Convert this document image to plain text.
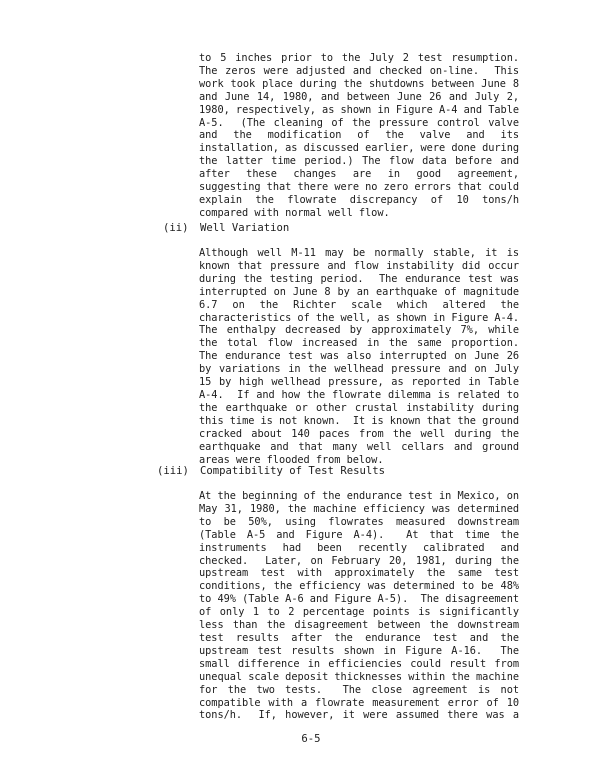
to 5 inches prior to the July 2 test resumption.
The zeros were adjusted and checked on-line.  This
work took place during the shutdowns between June 8
and June 14, 1980, and between June 26 and July 2,
1980, respectively, as shown in Figure A-4 and Table
A-5.  (The cleaning of the pressure control valve
and the modification of the valve and its
installation, as discussed earlier, were done during
the latter time period.) The flow data before and
after these changes are in good agreement,
suggesting that there were no zero errors that could
explain the flowrate discrepancy of 10 tons/h
compared with normal well flow.
(ii) Well Variation
Although well M-11 may be normally stable, it is
known that pressure and flow instability did occur
during the testing period.  The endurance test was
interrupted on June 8 by an earthquake of magnitude
6.7 on the Richter scale which altered the
characteristics of the well, as shown in Figure A-4.
The enthalpy decreased by approximately 7%, while
the total flow increased in the same proportion.
The endurance test was also interrupted on June 26
by variations in the wellhead pressure and on July
15 by high wellhead pressure, as reported in Table
A-4.  If and how the flowrate dilemma is related to
the earthquake or other crustal instability during
this time is not known.  It is known that the ground
cracked about 140 paces from the well during the
earthquake and that many well cellars and ground
areas were flooded from below.
(iii) Compatibility of Test Results
At the beginning of the endurance test in Mexico, on
May 31, 1980, the machine efficiency was determined
to be 50%, using flowrates measured downstream
(Table A-5 and Figure A-4).  At that time the
instruments had been recently calibrated and
checked.  Later, on February 20, 1981, during the
upstream test with approximately the same test
conditions, the efficiency was determined to be 48%
to 49% (Table A-6 and Figure A-5).  The disagreement
of only 1 to 2 percentage points is significantly
less than the disagreement between the downstream
test results after the endurance test and the
upstream test results shown in Figure A-16.  The
small difference in efficiencies could result from
unequal scale deposit thicknesses within the machine
for the two tests.  The close agreement is not
compatible with a flowrate measurement error of 10
tons/h.  If, however, it were assumed there was a
6-5
